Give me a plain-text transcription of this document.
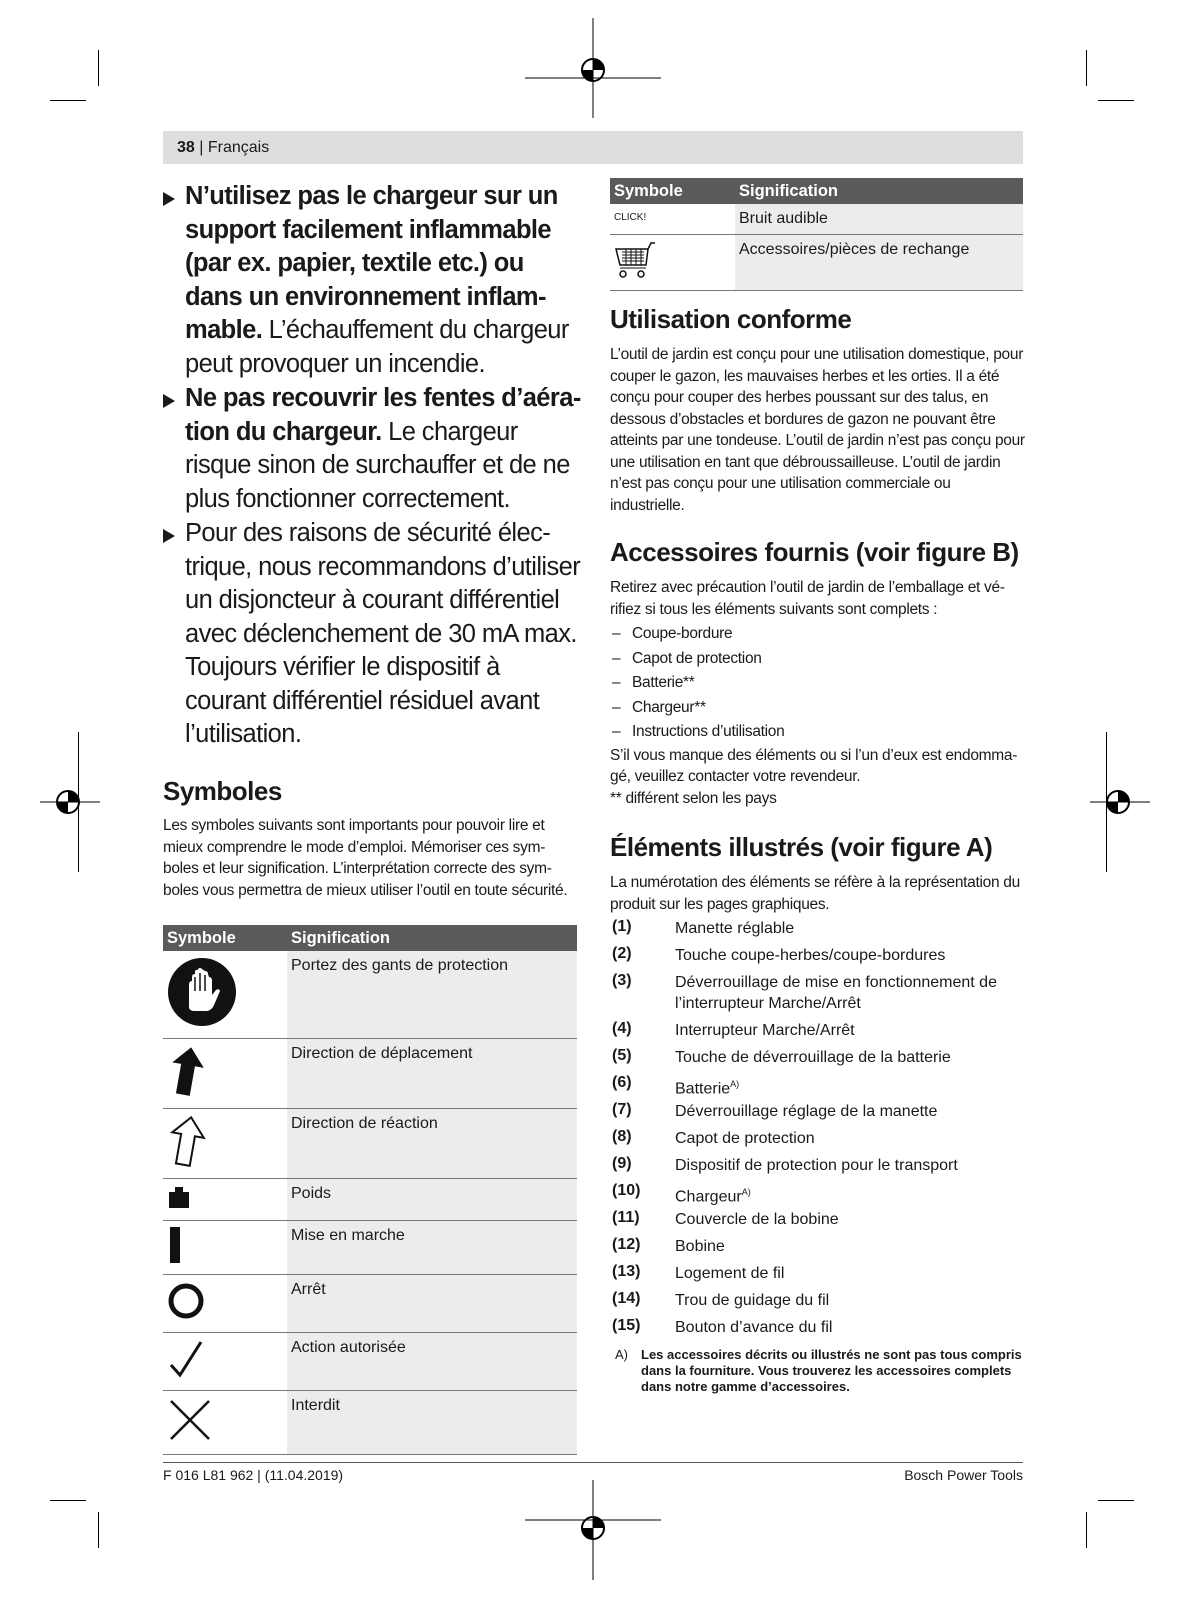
38 | Français
N’utilisez pas le chargeur sur un support facilement inflammable (par ex. papier, textile etc.) ou dans un environnement inflammable. L’échauffement du chargeur peut provoquer un incendie.
Ne pas recouvrir les fentes d’aération du chargeur. Le chargeur risque sinon de surchauffer et de ne plus fonctionner correctement.
Pour des raisons de sécurité électrique, nous recommandons d’utiliser un disjoncteur à courant différentiel avec déclenchement de 30 mA max. Toujours vérifier le dispositif à courant différentiel résiduel avant l’utilisation.
Symboles
Les symboles suivants sont importants pour pouvoir lire et mieux comprendre le mode d’emploi. Mémoriser ces symboles et leur signification. L’interprétation correcte des symboles vous permettra de mieux utiliser l’outil en toute sécurité.
Symbole	Signification
	Portez des gants de protection
	Direction de déplacement
	Direction de réaction
	Poids
	Mise en marche
	Arrêt
	Action autorisée
	Interdit
Symbole	Signification
CLICK!	Bruit audible
	Accessoires/pièces de rechange
Utilisation conforme
L’outil de jardin est conçu pour une utilisation domestique, pour couper le gazon, les mauvaises herbes et les orties. Il a été conçu pour couper des herbes poussant sur des talus, en dessous d’obstacles et bordures de gazon ne pouvant être atteints par une tondeuse. L’outil de jardin n’est pas conçu pour une utilisation en tant que débroussailleuse. L’outil de jardin n’est pas conçu pour une utilisation commerciale ou industrielle.
Accessoires fournis (voir figure B)
Retirez avec précaution l’outil de jardin de l’emballage et vérifiez si tous les éléments suivants sont complets :
– Coupe-bordure
– Capot de protection
– Batterie**
– Chargeur**
– Instructions d’utilisation
S’il vous manque des éléments ou si l’un d’eux est endommagé, veuillez contacter votre revendeur.
** différent selon les pays
Éléments illustrés (voir figure A)
La numérotation des éléments se réfère à la représentation du produit sur les pages graphiques.
(1)	Manette réglable
(2)	Touche coupe-herbes/coupe-bordures
(3)	Déverrouillage de mise en fonctionnement de l’interrupteur Marche/Arrêt
(4)	Interrupteur Marche/Arrêt
(5)	Touche de déverrouillage de la batterie
(6)	Batterie$^{A)}$
(7)	Déverrouillage réglage de la manette
(8)	Capot de protection
(9)	Dispositif de protection pour le transport
(10) Chargeur$^{A)}$
(11) Couvercle de la bobine
(12) Bobine
(13) Logement de fil
(14) Trou de guidage du fil
(15) Bouton d’avance du fil
A) Les accessoires décrits ou illustrés ne sont pas tous compris dans la fourniture. Vous trouverez les accessoires complets dans notre gamme d’accessoires.
F 016 L81 962 | (11.04.2019)	Bosch Power Tools
